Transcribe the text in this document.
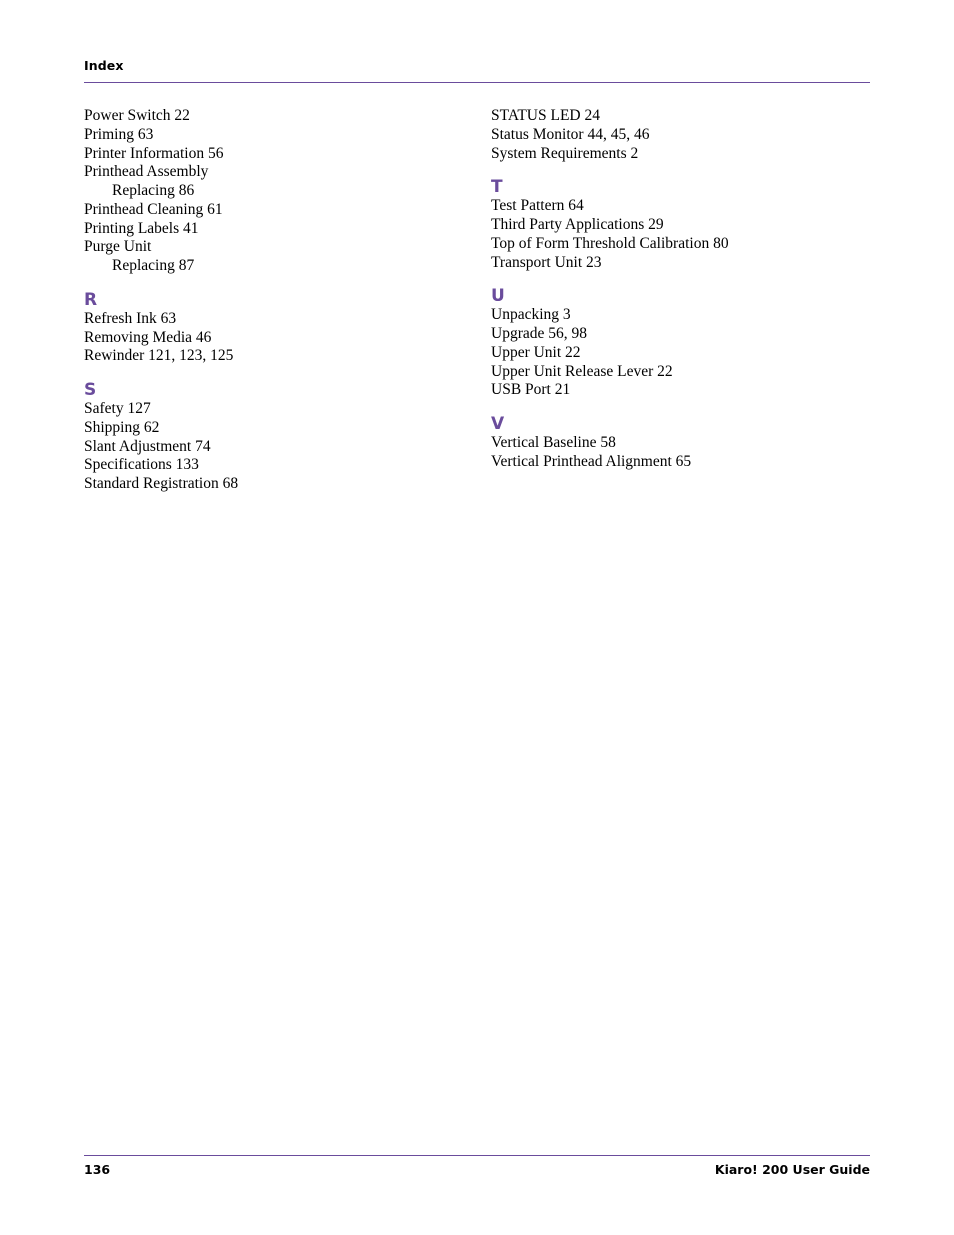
Index
Power Switch 22
Priming 63
Printer Information 56
Printhead Assembly
Replacing 86
Printhead Cleaning 61
Printing Labels 41
Purge Unit
Replacing 87
R
Refresh Ink 63
Removing Media 46
Rewinder 121, 123, 125
S
Safety 127
Shipping 62
Slant Adjustment 74
Specifications 133
Standard Registration 68
STATUS LED 24
Status Monitor 44, 45, 46
System Requirements 2
T
Test Pattern 64
Third Party Applications 29
Top of Form Threshold Calibration 80
Transport Unit 23
U
Unpacking 3
Upgrade 56, 98
Upper Unit 22
Upper Unit Release Lever 22
USB Port 21
V
Vertical Baseline 58
Vertical Printhead Alignment 65
136	Kiaro! 200 User Guide
